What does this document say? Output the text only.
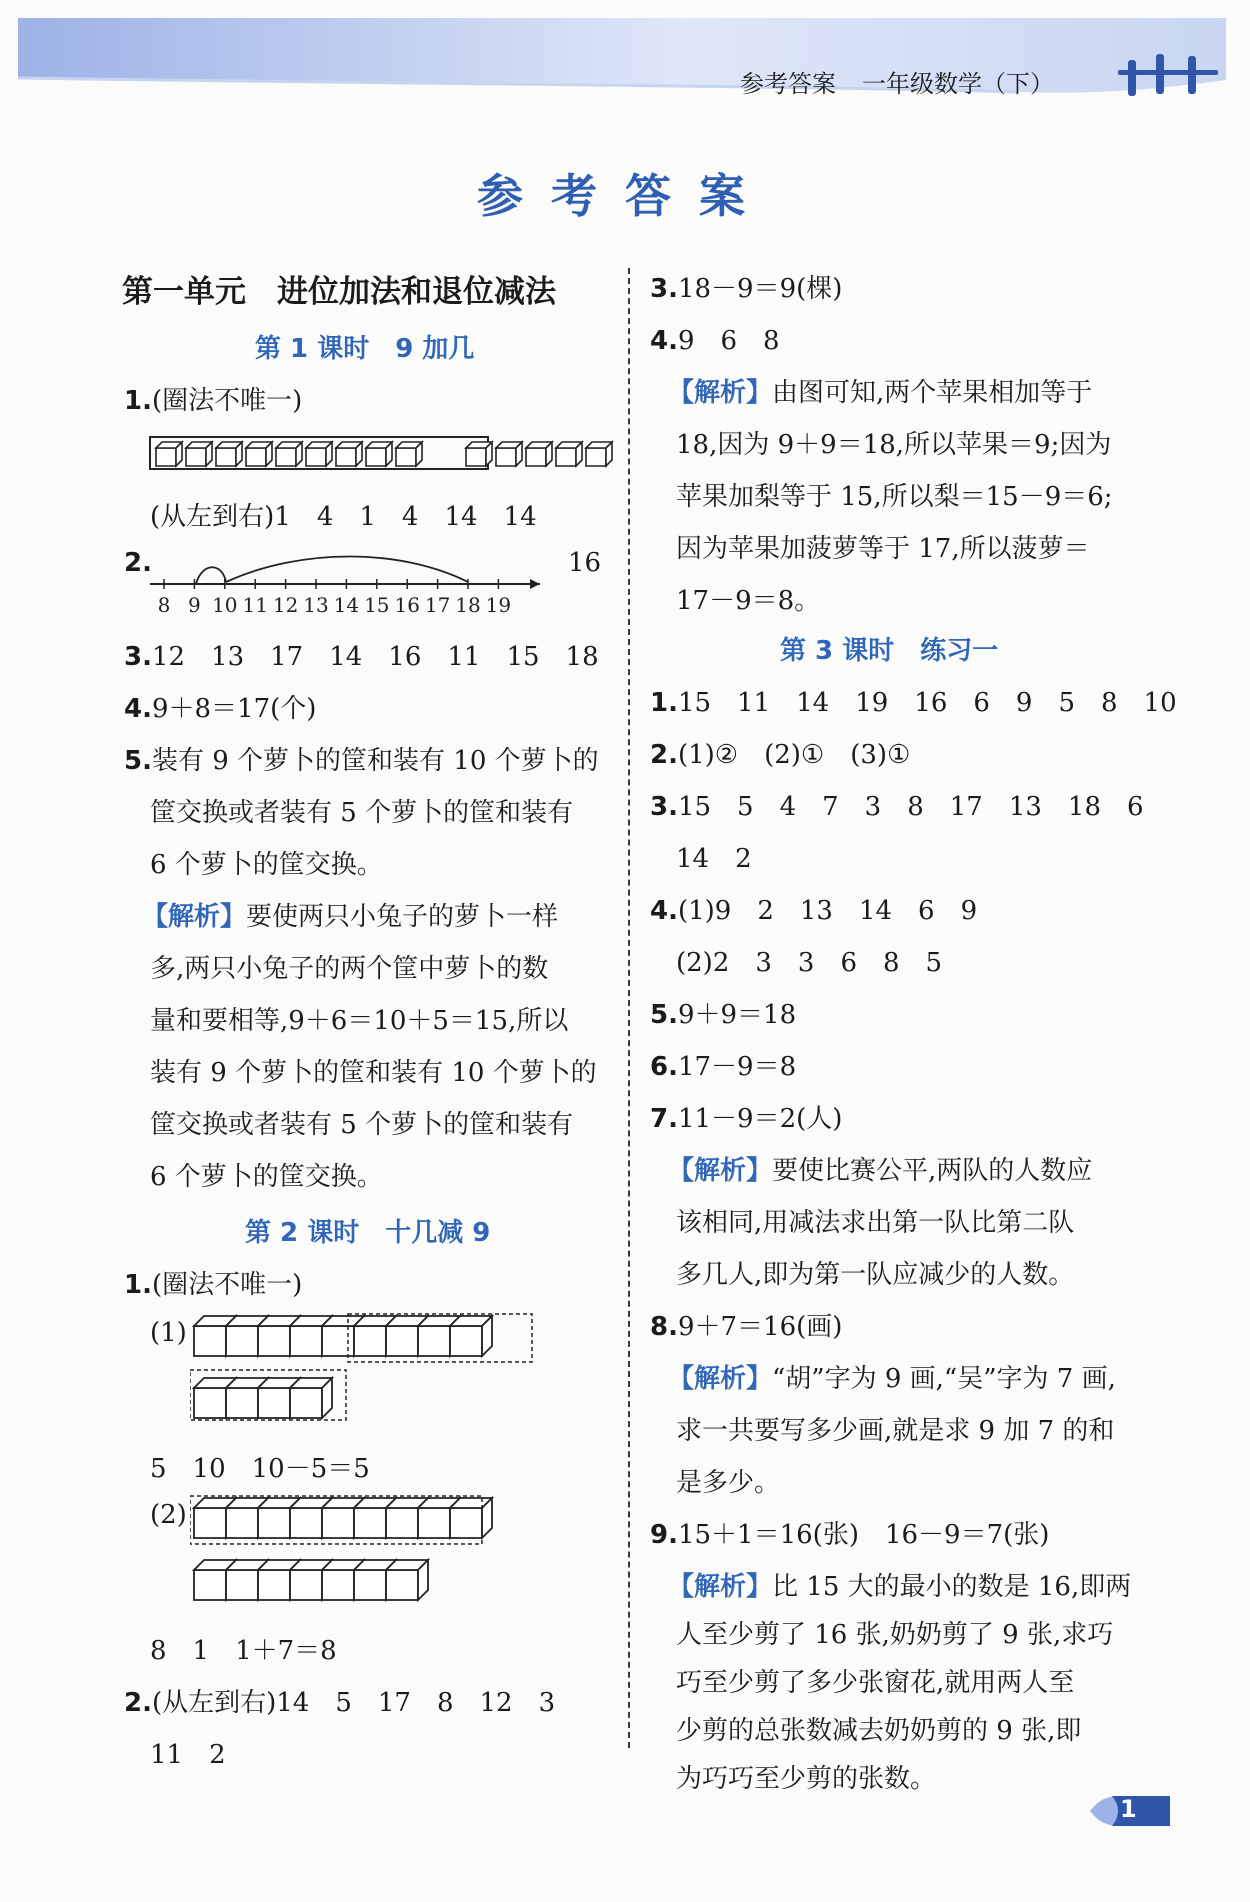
参考答案 一年级数学（下）
参考答案
第一单元　进位加法和退位减法
第 1 课时　9 加几
1.(圈法不唯一)
(从左到右)1　4　1　4　14　14
2.
8 9 10 11 12 13 14 15 16 17 18 19
16
3.12　13　17　14　16　11　15　18
4.9＋8＝17(个)
5.装有 9 个萝卜的筐和装有 10 个萝卜的
筐交换或者装有 5 个萝卜的筐和装有
6 个萝卜的筐交换。
【解析】要使两只小兔子的萝卜一样
多,两只小兔子的两个筐中萝卜的数
量和要相等,9＋6＝10＋5＝15,所以
装有 9 个萝卜的筐和装有 10 个萝卜的
筐交换或者装有 5 个萝卜的筐和装有
6 个萝卜的筐交换。
第 2 课时　十几减 9
1.(圈法不唯一)
(1)
5　10　10－5＝5
(2)
8　1　1＋7＝8
2.(从左到右)14　5　17　8　12　3
11　2
3.18－9＝9(棵)
4.9　6　8
【解析】由图可知,两个苹果相加等于
18,因为 9＋9＝18,所以苹果＝9;因为
苹果加梨等于 15,所以梨＝15－9＝6;
因为苹果加菠萝等于 17,所以菠萝＝
17－9＝8。
第 3 课时　练习一
1.15　11　14　19　16　6　9　5　8　10
2.(1)②　(2)①　(3)①
3.15　5　4　7　3　8　17　13　18　6
14　2
4.(1)9　2　13　14　6　9
(2)2　3　3　6　8　5
5.9＋9＝18
6.17－9＝8
7.11－9＝2(人)
【解析】要使比赛公平,两队的人数应
该相同,用减法求出第一队比第二队
多几人,即为第一队应减少的人数。
8.9＋7＝16(画)
【解析】“胡”字为 9 画,“吴”字为 7 画,
求一共要写多少画,就是求 9 加 7 的和
是多少。
9.15＋1＝16(张)　16－9＝7(张)
【解析】比 15 大的最小的数是 16,即两
人至少剪了 16 张,奶奶剪了 9 张,求巧
巧至少剪了多少张窗花,就用两人至
少剪的总张数减去奶奶剪的 9 张,即
为巧巧至少剪的张数。
1
